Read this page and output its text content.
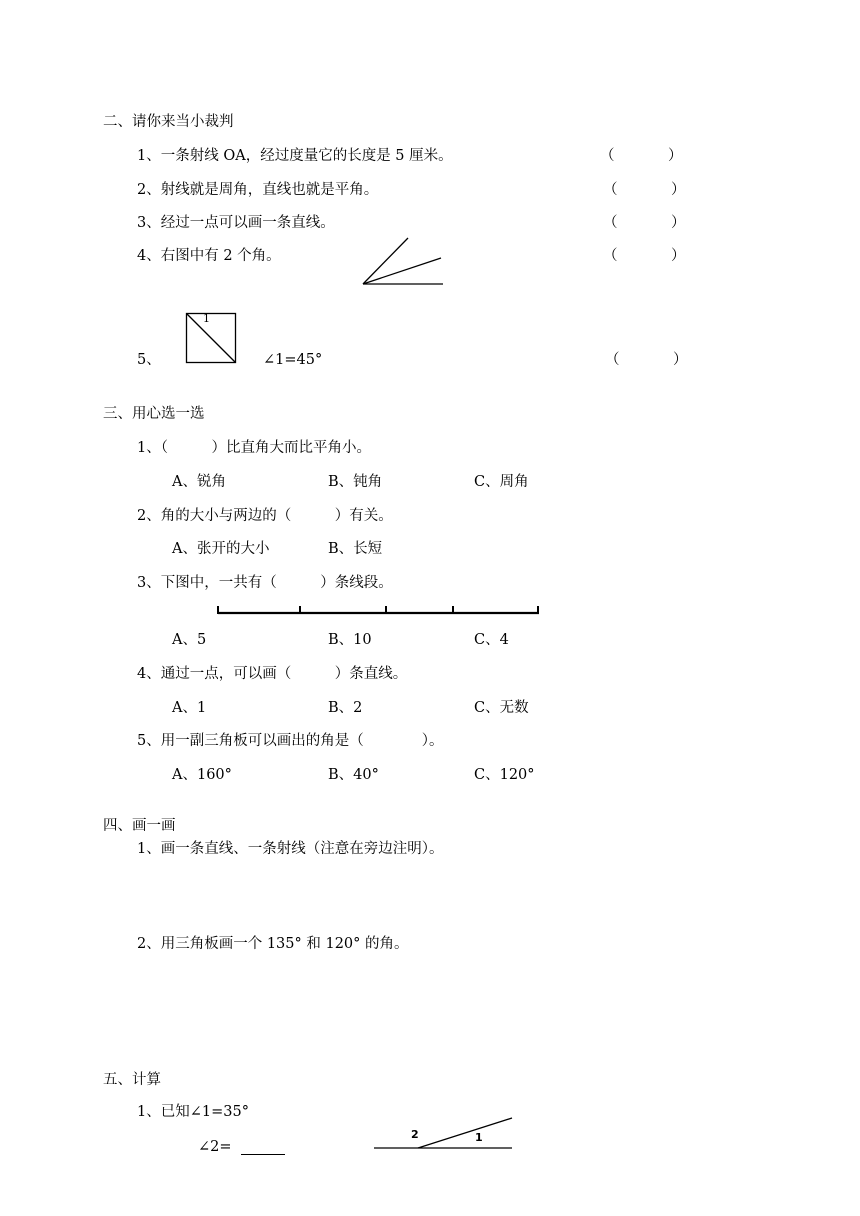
二、请你来当小裁判
1、一条射线 OA，经过度量它的长度是 5 厘米。	（	）
2、射线就是周角，直线也就是平角。	（	）
3、经过一点可以画一条直线。	（	）
4、右图中有 2 个角。	（	）
5、
1
∠1=45°	（	）
三、用心选一选
1、（　　　）比直角大而比平角小。
A、锐角	B、钝角	C、周角
2、角的大小与两边的（　　　）有关。
A、张开的大小	B、长短
3、下图中，一共有（　　　）条线段。
A、5	B、10	C、4
4、通过一点，可以画（　　　）条直线。
A、1	B、2	C、无数
5、用一副三角板可以画出的角是（　　　　）。
A、160°	B、40°	C、120°
四、画一画
1、画一条直线、一条射线（注意在旁边注明）。
2、用三角板画一个 135° 和 120° 的角。
五、计算
1、已知∠1=35°
∠2=
2	1
